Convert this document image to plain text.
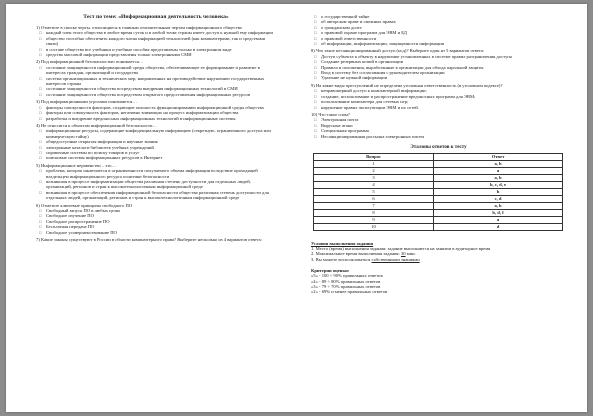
Тест по теме: «Информационная деятельность человека»
1) Отметьте в списке черты, относящиеся к главным отличительным чертам информационного общества
□ каждый член этого общества в любое время суток и в любой точке страны имеет доступ к нужной ему информации
□ общество способно обеспечить каждого члена информацией технологией (как компьютерами, так и средствами связи)
□ в составе общества все учебники и учебные пособия представлены только в электронном виде
□ средства массовой информации представлены только электронными СМИ
2) Под информационной безопасностью понимается…
□ состояние защищенности информационной среды общества, обеспечивающее ее формирование и развитие в интересах граждан, организаций и государства
□ система организационных и технических мер, направленных на противодействие нарушению государственных интересов страны
□ состояние защищенности общества посредством внедрения информационных технологий в СМИ
□ состояние защищенности общества посредством открытого предоставления информационных ресурсов
3) Под информационными угрозами понимаются…
□ факторы совокупности факторов, создающие опасность функционированию информационной среды общества
□ факторы или совокупность факторов, негативно влияющих на процесс информатизации общества
□ разработка и внедрение вредоносных информационных технологий в информационные системы
4) Не относятся к объектам информационной безопасности…
□ информационные ресурсы, содержащие конфиденциальную информацию (секретную, ограниченного доступа или коммерческую тайну)
□ общедоступные открытая информация и научные знания
□ электронные каталоги библиотек учебных учреждений
□ справочные системы по поиску товаров и услуг
□ поисковые системы информационных ресурсов в Интернет
5) Информационное неравенство – это…
□ проблема, которая заключается в ограниченности получаемого объема информации вследствие проходящей владельцем информационного ресурса политики безопасности
□ возникшая в процессе информатизации общества различная степень доступности для отдельных людей, организаций, регионов и стран к высокотехнологичным информационной среде
□ возникшая в процессе обеспечения информационной безопасности общества различная степень доступности для отдельных людей, организаций, регионов и стран к высокотехнологичным информационной среде
6) Отметьте ключевые принципы свободного ПО
□ Свободный запуск ПО в любых целях
□ Свободное изучение ПО
□ Свободное распространение ПО
□ Бесплатная передача ПО
□ Свободное усовершенствование ПО
7) Какие законы существуют в России в области компьютерного права? Выберите несколько из 4 вариантов ответа:
□ о государственной тайне
□ об авторском праве и смежных правах
□ о гражданском долге
□ о правовой охране программ для ЭВМ и БД
□ о правовой ответственности
□ об информации, информатизации, защищенности информации
8) Что такое несанкционированный доступ (нсд)? Выберите один из 5 вариантов ответа:
□ Доступ субъекта к объекту в нарушение установленных в системе правил разграничения доступа
□ Создание резервных копий в организации
□ Правила и положения, выработанные в организации для обхода парольной защиты
□ Вход в систему без согласования с руководителем организации
□ Удаление не нужной информации
9) На какие виды преступлений не определена уголовная ответственность (в уголовном кодексе)?
□ неправомерный доступ к компьютерной информации;
□ создание, использование и распространение вредоносных программ для ЭВМ;
□ использование компьютера для сетевых игр;
□ нарушение правил эксплуатации ЭВМ и их сетей.
10) Что такое спам?
□ Электронная почта
□ Вирусные атаки
□ Специальная программа
□ Несанкционированная рассылка электронных писем
Эталоны ответов к тесту
Вопрос	Ответ
1	a, b
2	a
3	a, b
4	b, c, d, e
5	b
6	c, d
7	a, b
8	b, d, f
9	a
10	d
Условия выполнения задания
1. Место (время) выполнения задания: задание выполняется на занятии в аудиторное время
2. Максимальное время выполнения задания: 30 мин.
3. Вы можете воспользоваться собственными знаниями
Критерии оценки:
«5» - 100 ÷ 90% правильных ответов
«4» - 89 ÷ 80% правильных ответов
«3» - 79 ÷ 70% правильных ответов
«2» - 69% и менее правильных ответов
